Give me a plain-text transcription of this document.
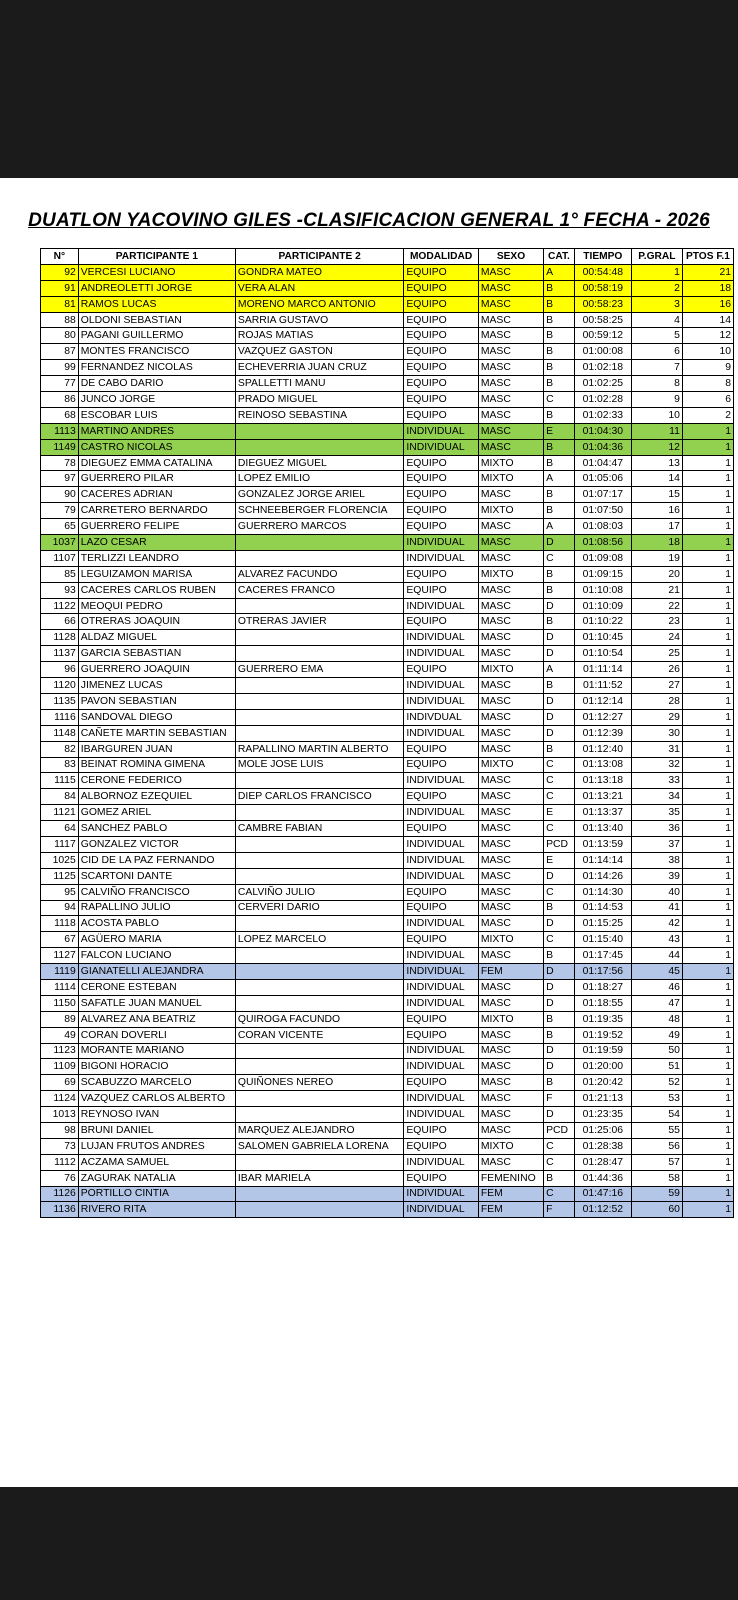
DUATLON YACOVINO GILES -CLASIFICACION GENERAL 1° FECHA - 2026
N°	PARTICIPANTE 1	PARTICIPANTE 2	MODALIDAD	SEXO	CAT.	TIEMPO	P.GRAL	PTOS F.1
92	VERCESI LUCIANO	GONDRA MATEO	EQUIPO	MASC	A	00:54:48	1	21
91	ANDREOLETTI JORGE	VERA ALAN	EQUIPO	MASC	B	00:58:19	2	18
81	RAMOS LUCAS	MORENO MARCO ANTONIO	EQUIPO	MASC	B	00:58:23	3	16
88	OLDONI SEBASTIAN	SARRIA GUSTAVO	EQUIPO	MASC	B	00:58:25	4	14
80	PAGANI GUILLERMO	ROJAS MATIAS	EQUIPO	MASC	B	00:59:12	5	12
87	MONTES FRANCISCO	VAZQUEZ GASTON	EQUIPO	MASC	B	01:00:08	6	10
99	FERNANDEZ NICOLAS	ECHEVERRIA JUAN CRUZ	EQUIPO	MASC	B	01:02:18	7	9
77	DE CABO DARIO	SPALLETTI MANU	EQUIPO	MASC	B	01:02:25	8	8
86	JUNCO JORGE	PRADO MIGUEL	EQUIPO	MASC	C	01:02:28	9	6
68	ESCOBAR LUIS	REINOSO SEBASTINA	EQUIPO	MASC	B	01:02:33	10	2
1113	MARTINO ANDRES		INDIVIDUAL	MASC	E	01:04:30	11	1
1149	CASTRO NICOLAS		INDIVIDUAL	MASC	B	01:04:36	12	1
78	DIEGUEZ EMMA CATALINA	DIEGUEZ MIGUEL	EQUIPO	MIXTO	B	01:04:47	13	1
97	GUERRERO PILAR	LOPEZ EMILIO	EQUIPO	MIXTO	A	01:05:06	14	1
90	CACERES ADRIAN	GONZALEZ JORGE ARIEL	EQUIPO	MASC	B	01:07:17	15	1
79	CARRETERO BERNARDO	SCHNEEBERGER FLORENCIA	EQUIPO	MIXTO	B	01:07:50	16	1
65	GUERRERO FELIPE	GUERRERO MARCOS	EQUIPO	MASC	A	01:08:03	17	1
1037	LAZO CESAR		INDIVIDUAL	MASC	D	01:08:56	18	1
1107	TERLIZZI LEANDRO		INDIVIDUAL	MASC	C	01:09:08	19	1
85	LEGUIZAMON MARISA	ALVAREZ FACUNDO	EQUIPO	MIXTO	B	01:09:15	20	1
93	CACERES CARLOS RUBEN	CACERES FRANCO	EQUIPO	MASC	B	01:10:08	21	1
1122	MEOQUI PEDRO		INDIVIDUAL	MASC	D	01:10:09	22	1
66	OTRERAS JOAQUIN	OTRERAS JAVIER	EQUIPO	MASC	B	01:10:22	23	1
1128	ALDAZ MIGUEL		INDIVIDUAL	MASC	D	01:10:45	24	1
1137	GARCIA SEBASTIAN		INDIVIDUAL	MASC	D	01:10:54	25	1
96	GUERRERO JOAQUIN	GUERRERO EMA	EQUIPO	MIXTO	A	01:11:14	26	1
1120	JIMENEZ LUCAS		INDIVIDUAL	MASC	B	01:11:52	27	1
1135	PAVON SEBASTIAN		INDIVIDUAL	MASC	D	01:12:14	28	1
1116	SANDOVAL DIEGO		INDIVDUAL	MASC	D	01:12:27	29	1
1148	CAÑETE MARTIN SEBASTIAN		INDIVIDUAL	MASC	D	01:12:39	30	1
82	IBARGUREN JUAN	RAPALLINO MARTIN ALBERTO	EQUIPO	MASC	B	01:12:40	31	1
83	BEINAT ROMINA GIMENA	MOLE JOSE LUIS	EQUIPO	MIXTO	C	01:13:08	32	1
1115	CERONE FEDERICO		INDIVIDUAL	MASC	C	01:13:18	33	1
84	ALBORNOZ EZEQUIEL	DIEP CARLOS FRANCISCO	EQUIPO	MASC	C	01:13:21	34	1
1121	GOMEZ ARIEL		INDIVIDUAL	MASC	E	01:13:37	35	1
64	SANCHEZ PABLO	CAMBRE FABIAN	EQUIPO	MASC	C	01:13:40	36	1
1117	GONZALEZ VICTOR		INDIVIDUAL	MASC	PCD	01:13:59	37	1
1025	CID DE LA PAZ FERNANDO		INDIVIDUAL	MASC	E	01:14:14	38	1
1125	SCARTONI DANTE		INDIVIDUAL	MASC	D	01:14:26	39	1
95	CALVIÑO FRANCISCO	CALVIÑO JULIO	EQUIPO	MASC	C	01:14:30	40	1
94	RAPALLINO JULIO	CERVERI DARIO	EQUIPO	MASC	B	01:14:53	41	1
1118	ACOSTA PABLO		INDIVIDUAL	MASC	D	01:15:25	42	1
67	AGÜERO MARIA	LOPEZ MARCELO	EQUIPO	MIXTO	C	01:15:40	43	1
1127	FALCON LUCIANO		INDIVIDUAL	MASC	B	01:17:45	44	1
1119	GIANATELLI ALEJANDRA		INDIVIDUAL	FEM	D	01:17:56	45	1
1114	CERONE ESTEBAN		INDIVIDUAL	MASC	D	01:18:27	46	1
1150	SAFATLE JUAN MANUEL		INDIVIDUAL	MASC	D	01:18:55	47	1
89	ALVAREZ ANA BEATRIZ	QUIROGA FACUNDO	EQUIPO	MIXTO	B	01:19:35	48	1
49	CORAN DOVERLI	CORAN VICENTE	EQUIPO	MASC	B	01:19:52	49	1
1123	MORANTE MARIANO		INDIVIDUAL	MASC	D	01:19:59	50	1
1109	BIGONI HORACIO		INDIVIDUAL	MASC	D	01:20:00	51	1
69	SCABUZZO MARCELO	QUIÑONES NEREO	EQUIPO	MASC	B	01:20:42	52	1
1124	VAZQUEZ CARLOS ALBERTO		INDIVIDUAL	MASC	F	01:21:13	53	1
1013	REYNOSO IVAN		INDIVIDUAL	MASC	D	01:23:35	54	1
98	BRUNI DANIEL	MARQUEZ ALEJANDRO	EQUIPO	MASC	PCD	01:25:06	55	1
73	LUJAN FRUTOS ANDRES	SALOMEN GABRIELA LORENA	EQUIPO	MIXTO	C	01:28:38	56	1
1112	ACZAMA SAMUEL		INDIVIDUAL	MASC	C	01:28:47	57	1
76	ZAGURAK NATALIA	IBAR MARIELA	EQUIPO	FEMENINO	B	01:44:36	58	1
1126	PORTILLO CINTIA		INDIVIDUAL	FEM	C	01:47:16	59	1
1136	RIVERO RITA		INDIVIDUAL	FEM	F	01:12:52	60	1
